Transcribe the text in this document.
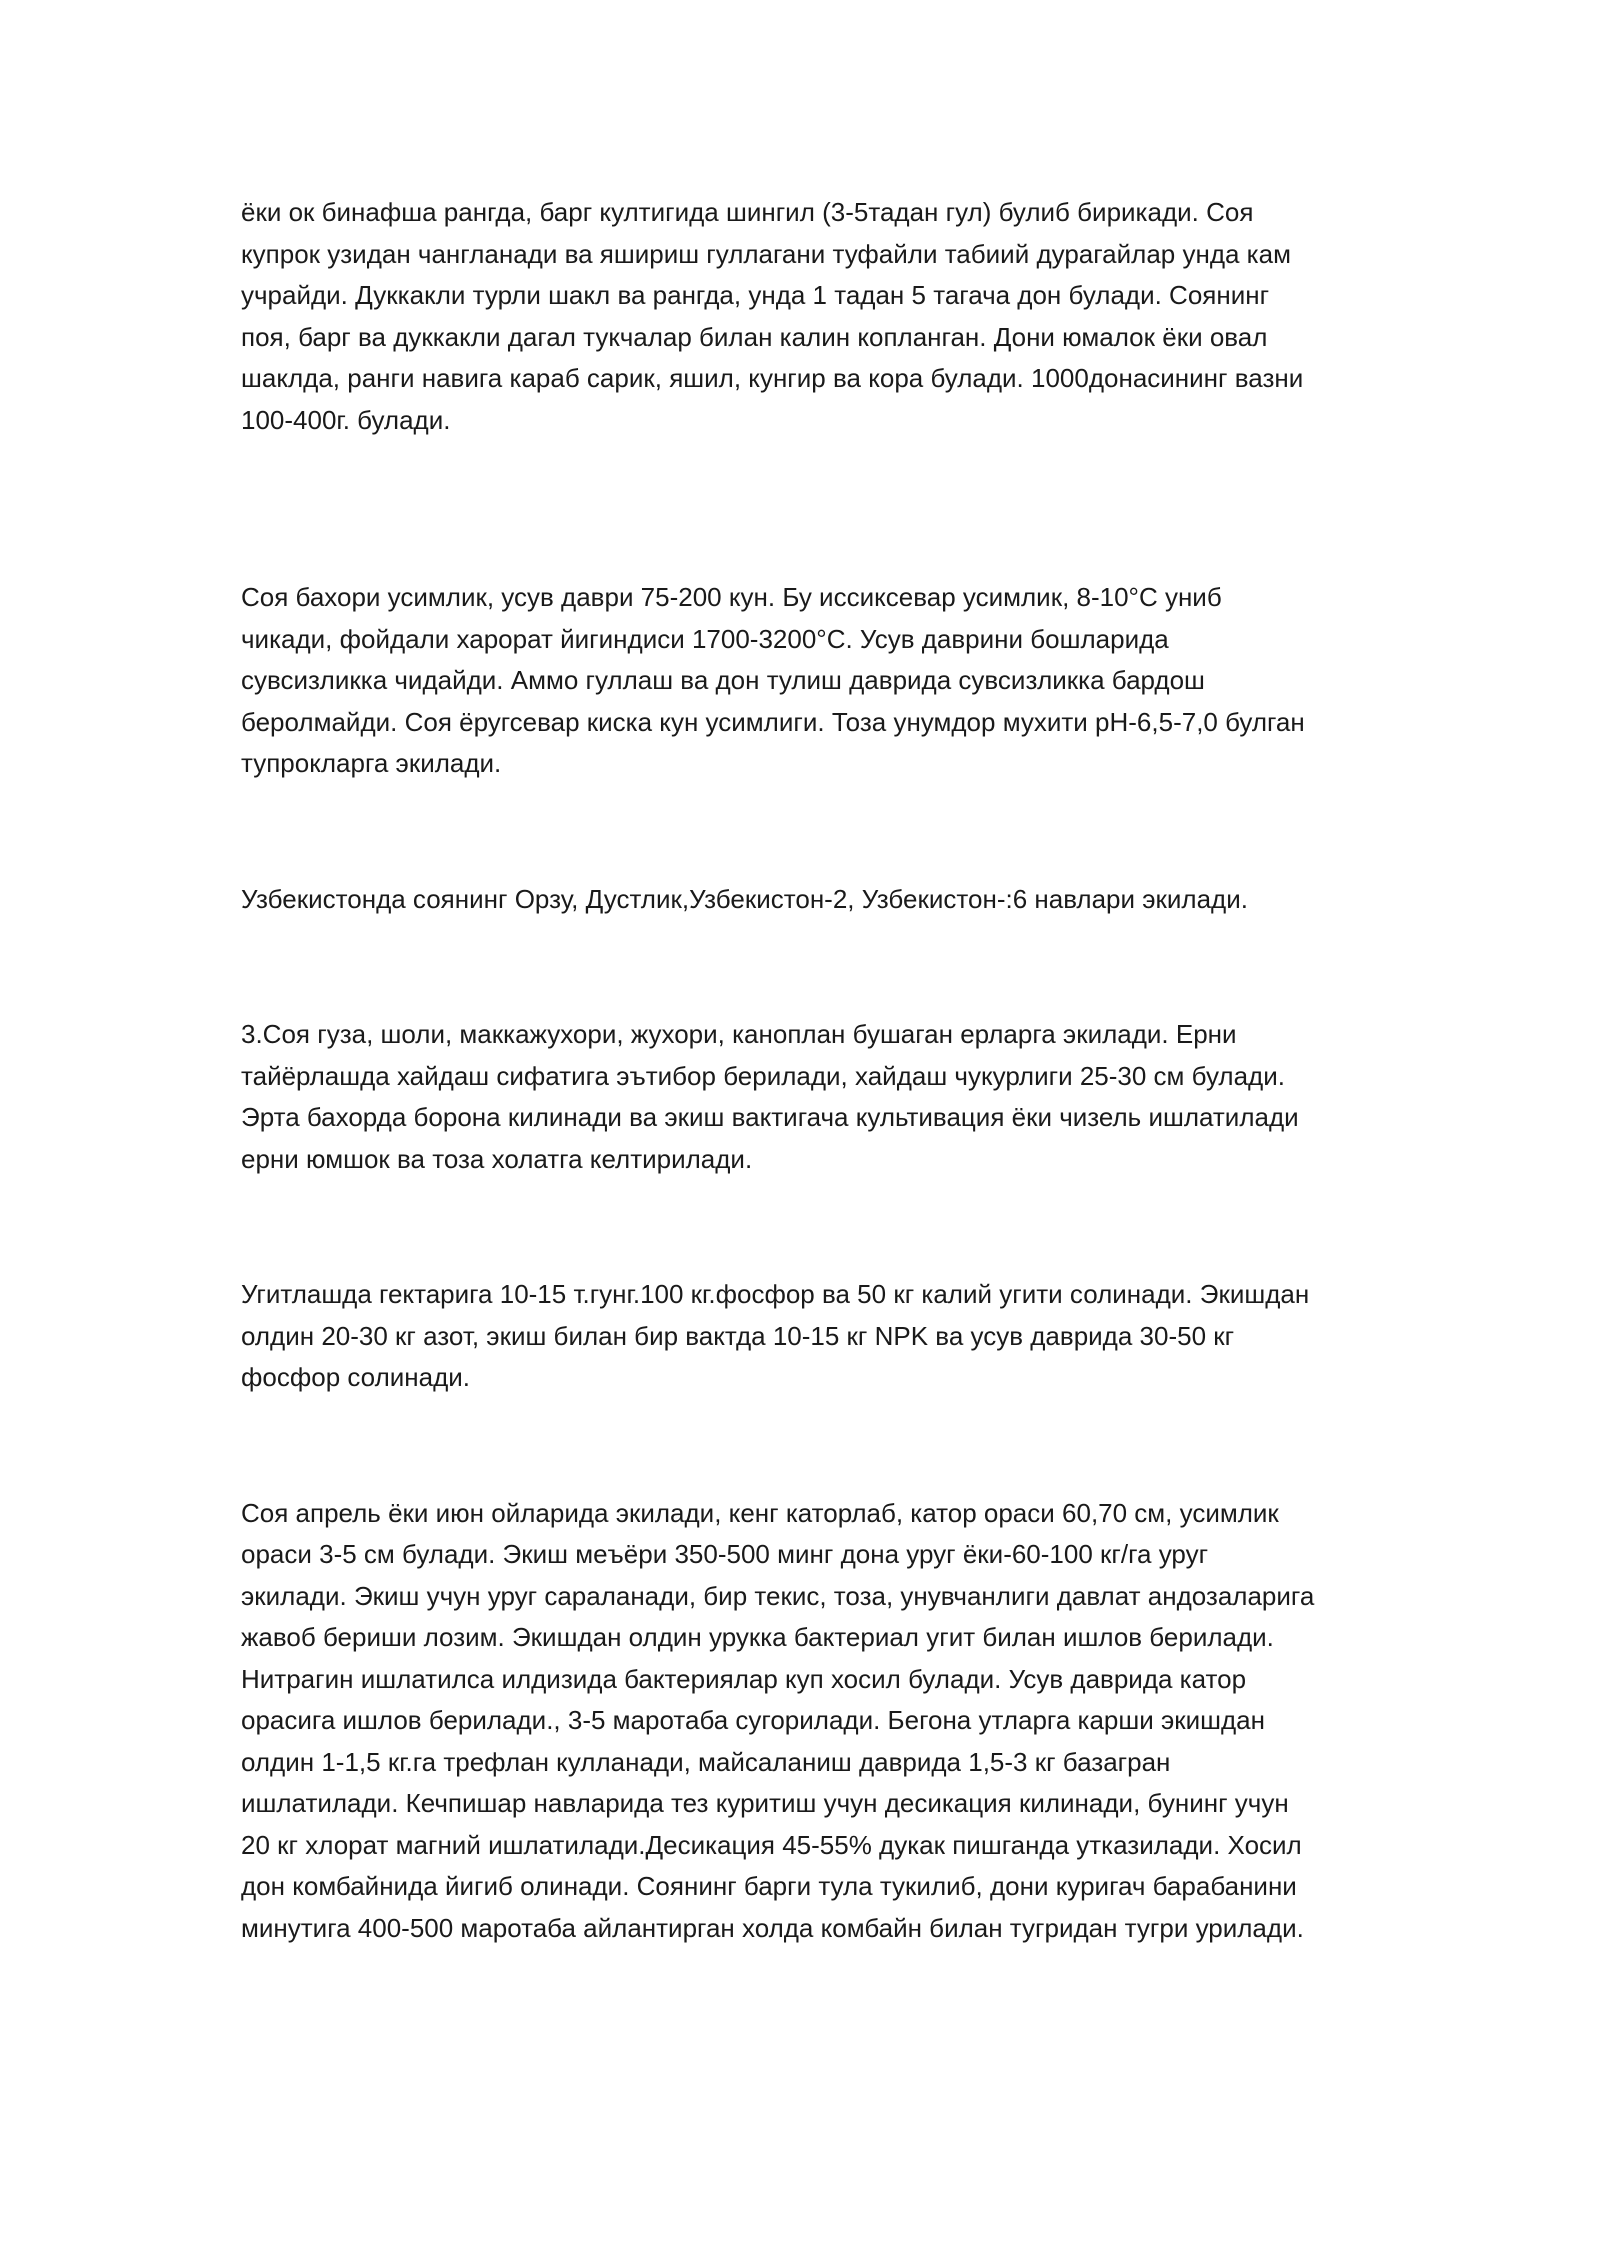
ёки ок бинафша рангда, барг култигида шингил (3-5тадан гул) булиб бирикади. Соя
купрок узидан чангланади ва яшириш гуллагани туфайли табиий дурагайлар унда кам
учрайди. Дуккакли турли шакл ва рангда, унда 1 тадан 5 тагача дон булади. Соянинг
поя, барг ва дуккакли дагал тукчалар билан калин копланган. Дони юмалок ёки овал
шаклда, ранги навига караб сарик, яшил, кунгир ва кора булади. 1000донасининг вазни
100-400г. булади.

Соя бахори усимлик, усув даври 75-200 кун. Бу иссиксевар усимлик, 8-10°С униб
чикади, фойдали харорат йигиндиси 1700-3200°С. Усув даврини бошларида
сувсизликка чидайди. Аммо гуллаш ва дон тулиш даврида сувсизликка бардош
беролмайди. Соя ёругсевар киска кун усимлиги. Тоза унумдор мухити рН-6,5-7,0 булган
тупрокларга экилади.

Узбекистонда соянинг Орзу, Дустлик,Узбекистон-2, Узбекистон-:6 навлари экилади.

3.Соя гуза, шоли, маккажухори, жухори, каноплан бушаган ерларга экилади. Ерни
тайёрлашда хайдаш сифатига эътибор берилади, хайдаш чукурлиги 25-30 см булади.
Эрта бахорда борона килинади ва экиш вактигача культивация ёки чизель ишлатилади
ерни юмшок ва тоза холатга келтирилади.

Угитлашда гектарига 10-15 т.гунг.100 кг.фосфор ва 50 кг калий угити солинади. Экишдан
олдин 20-30 кг азот, экиш билан бир вактда 10-15 кг NPK ва усув даврида 30-50 кг
фосфор солинади.

Соя апрель ёки июн ойларида экилади, кенг каторлаб, катор ораси 60,70 см, усимлик
ораси 3-5 см булади. Экиш меъёри 350-500 минг дона уруг ёки-60-100 кг/га уруг
экилади. Экиш учун уруг сараланади, бир текис, тоза, унувчанлиги давлат андозаларига
жавоб бериши лозим. Экишдан олдин урукка бактериал угит билан ишлов берилади.
Нитрагин ишлатилса илдизида бактериялар куп хосил булади. Усув даврида катор
орасига ишлов берилади., 3-5 маротаба сугорилади. Бегона утларга карши экишдан
олдин 1-1,5 кг.га трефлан кулланади, майсаланиш даврида 1,5-3 кг базагран
ишлатилади. Кечпишар навларида тез куритиш учун десикация килинади, бунинг учун
20 кг хлорат магний ишлатилади.Десикация 45-55% дукак пишганда утказилади. Хосил
дон комбайнида йигиб олинади. Соянинг барги тула тукилиб, дони куригач барабанини
минутига 400-500 маротаба айлантирган холда комбайн билан тугридан тугри урилади.
